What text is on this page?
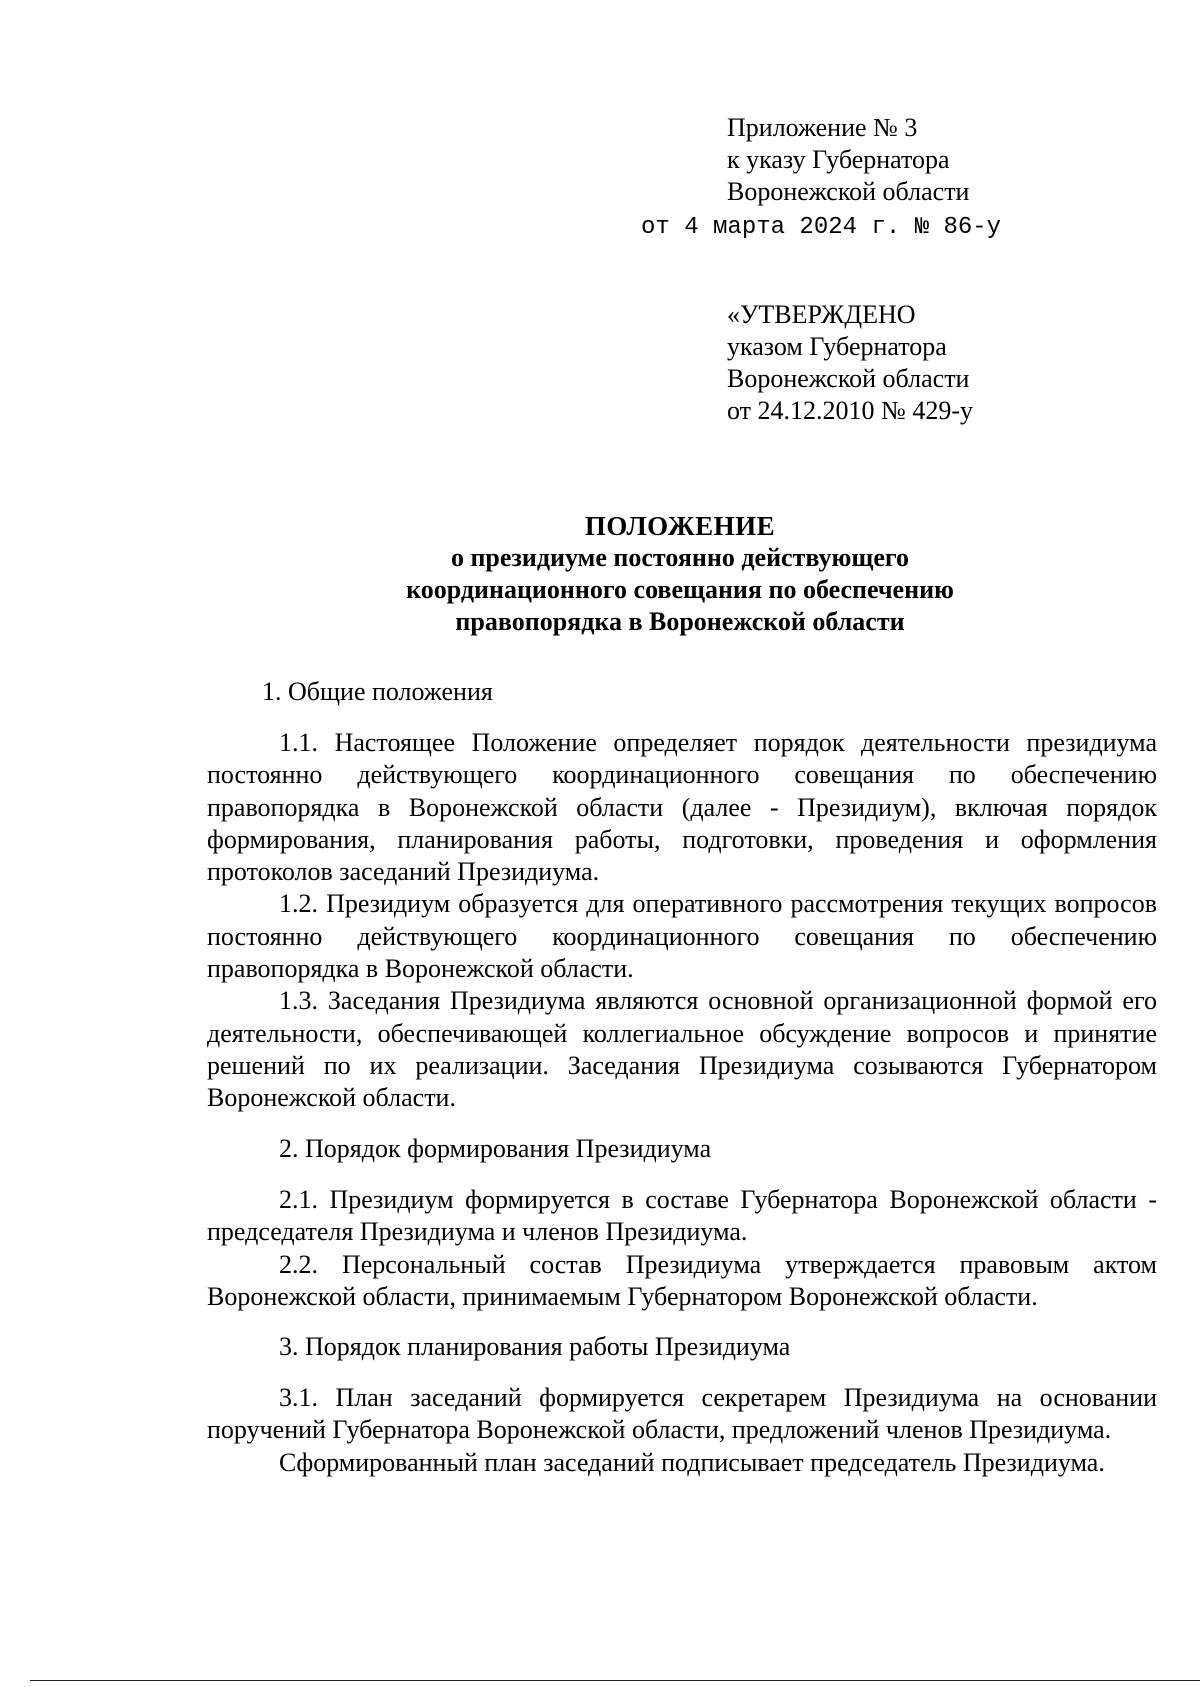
Приложение № 3
к указу Губернатора
Воронежской области
от 4 марта 2024 г. № 86-у
«УТВЕРЖДЕНО
указом Губернатора
Воронежской области
от 24.12.2010 № 429-у
ПОЛОЖЕНИЕ
о президиуме постоянно действующего
координационного совещания по обеспечению
правопорядка в Воронежской области

1. Общие положения

1.1. Настоящее Положение определяет порядок деятельности президиума постоянно действующего координационного совещания по обеспечению правопорядка в Воронежской области (далее - Президиум), включая порядок формирования, планирования работы, подготовки, проведения и оформления протоколов заседаний Президиума.

1.2. Президиум образуется для оперативного рассмотрения текущих вопросов постоянно действующего координационного совещания по обеспечению правопорядка в Воронежской области.

1.3. Заседания Президиума являются основной организационной формой его деятельности, обеспечивающей коллегиальное обсуждение вопросов и принятие решений по их реализации. Заседания Президиума созываются Губернатором Воронежской области.

2. Порядок формирования Президиума

2.1. Президиум формируется в составе Губернатора Воронежской области - председателя Президиума и членов Президиума.

2.2. Персональный состав Президиума утверждается правовым актом Воронежской области, принимаемым Губернатором Воронежской области.

3. Порядок планирования работы Президиума

3.1. План заседаний формируется секретарем Президиума на основании поручений Губернатора Воронежской области, предложений членов Президиума.

Сформированный план заседаний подписывает председатель Президиума.
